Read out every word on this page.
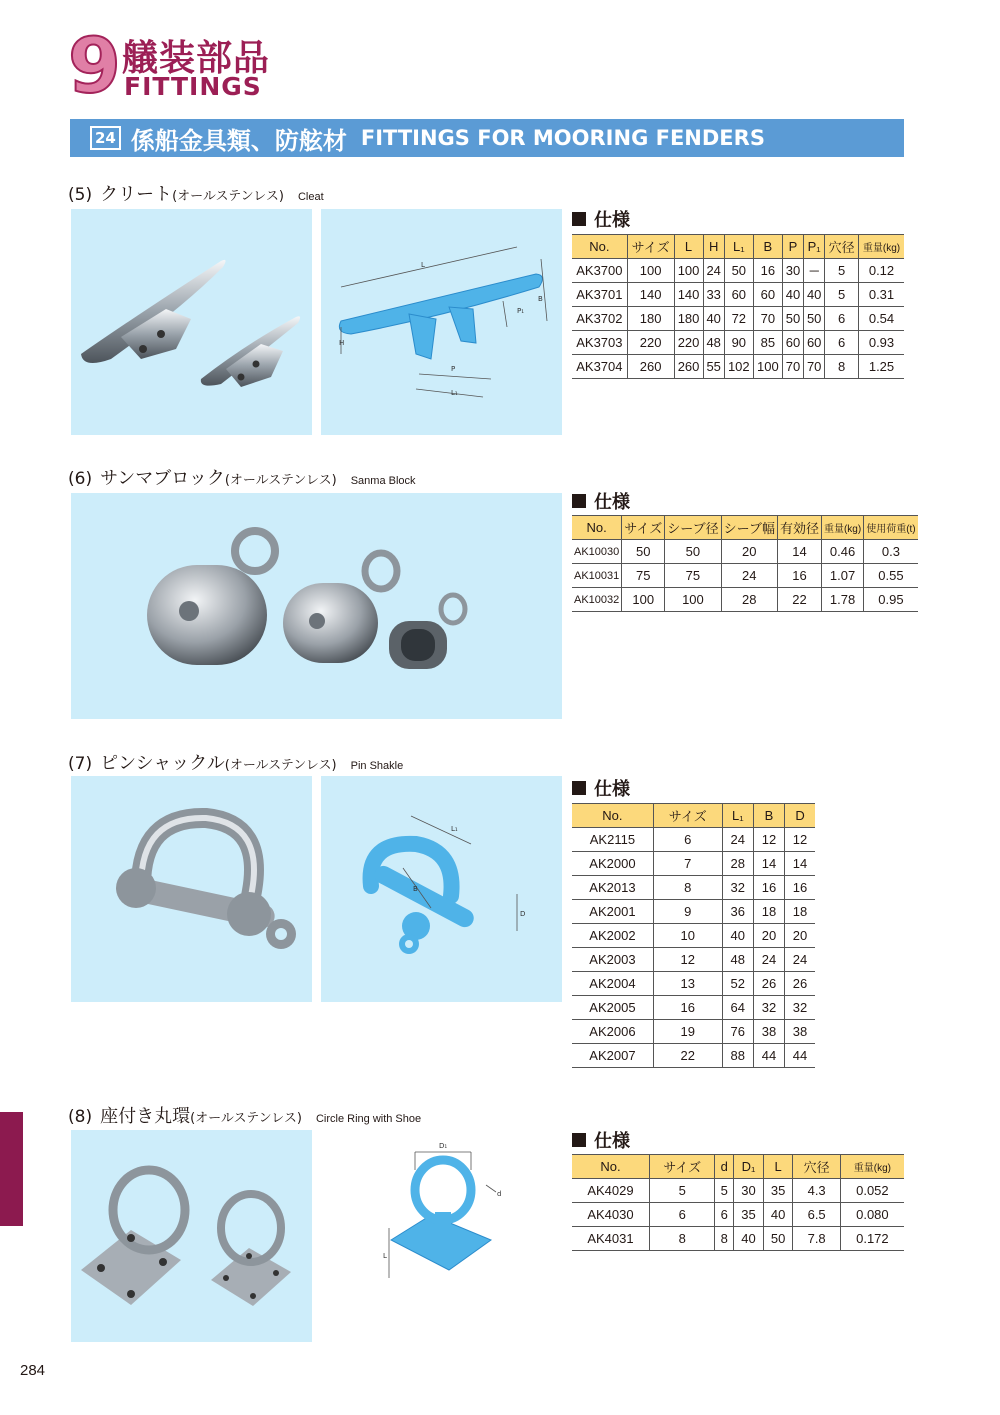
9 艤装部品
FITTINGS
24 係船金具類、防舷材 FITTINGS FOR MOORING FENDERS
(5) クリート (オールステンレス) Cleat
L
B
P₁
H
P
L₁
仕様
No.	サイズ	L	H	L₁	B	P	P₁	穴径	重量(kg)
AK3700	100	100	24	50	16	30	─	5	0.12
AK3701	140	140	33	60	60	40	40	5	0.31
AK3702	180	180	40	72	70	50	50	6	0.54
AK3703	220	220	48	90	85	60	60	6	0.93
AK3704	260	260	55	102	100	70	70	8	1.25
(6) サンマブロック (オールステンレス) Sanma Block
仕様
No.	サイズ	シーブ径	シーブ幅	有効径	重量(kg)	使用荷重(t)
AK10030	50	50	20	14	0.46	0.3
AK10031	75	75	24	16	1.07	0.55
AK10032	100	100	28	22	1.78	0.95
(7) ピンシャックル (オールステンレス) Pin Shakle
L₁
B
D
仕様
No.	サイズ	L₁	B	D
AK2115	6	24	12	12
AK2000	7	28	14	14
AK2013	8	32	16	16
AK2001	9	36	18	18
AK2002	10	40	20	20
AK2003	12	48	24	24
AK2004	13	52	26	26
AK2005	16	64	32	32
AK2006	19	76	38	38
AK2007	22	88	44	44
(8) 座付き丸環 (オールステンレス) Circle Ring with Shoe
D₁
d
L
仕様
No.	サイズ	d	D₁	L	穴径	重量(kg)
AK4029	5	5	30	35	4.3	0.052
AK4030	6	6	35	40	6.5	0.080
AK4031	8	8	40	50	7.8	0.172
284
